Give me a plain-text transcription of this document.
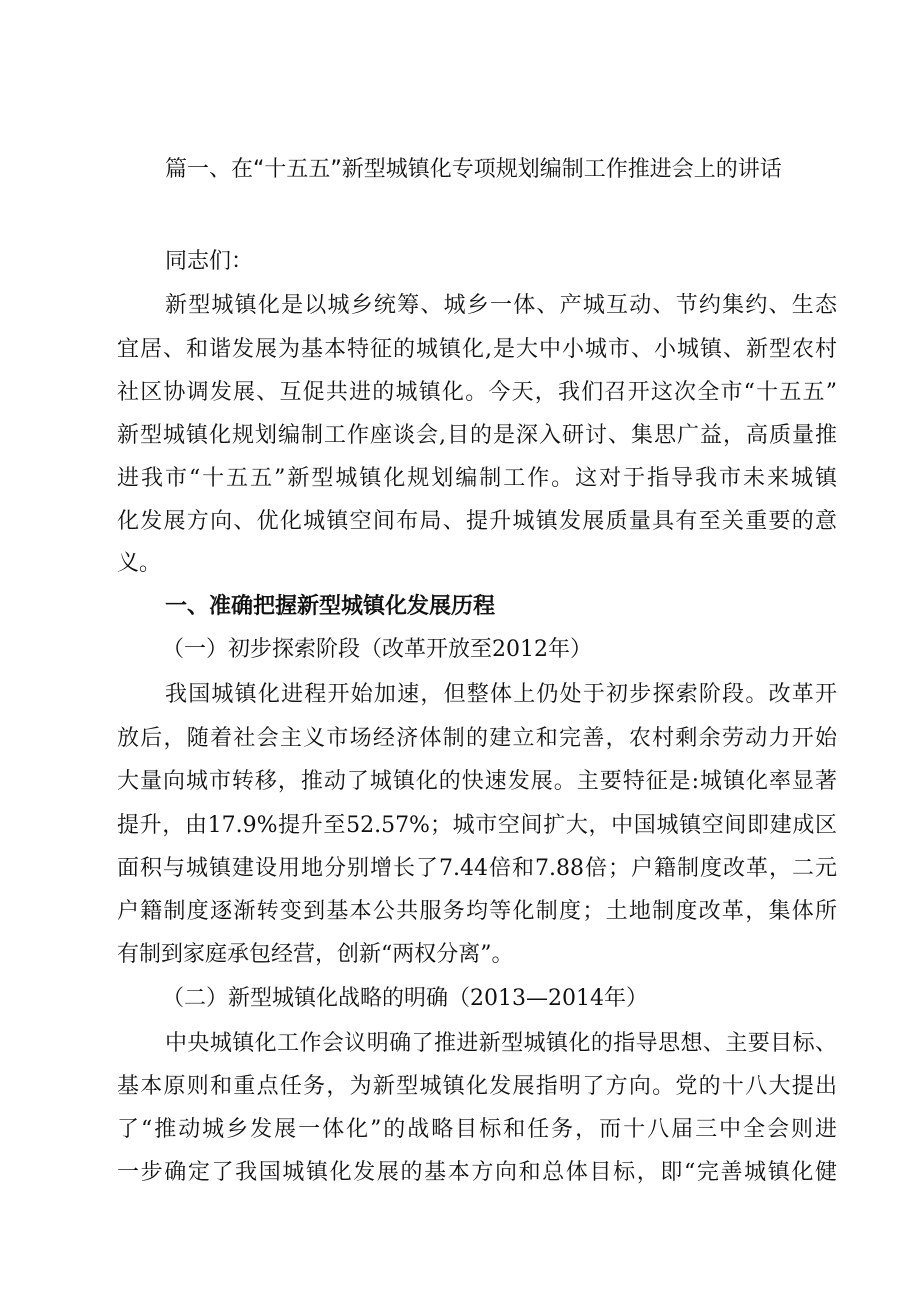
篇一、在“十五五”新型城镇化专项规划编制工作推进会上的讲话
同志们：
新型城镇化是以城乡统筹、城乡一体、产城互动、节约集约、生态
宜居、和谐发展为基本特征的城镇化,是大中小城市、小城镇、新型农村
社区协调发展、互促共进的城镇化。今天，我们召开这次全市“十五五”
新型城镇化规划编制工作座谈会,目的是深入研讨、集思广益，高质量推
进我市“十五五”新型城镇化规划编制工作。这对于指导我市未来城镇
化发展方向、优化城镇空间布局、提升城镇发展质量具有至关重要的意
义。
一、准确把握新型城镇化发展历程
（一）初步探索阶段（改革开放至2012年）
我国城镇化进程开始加速，但整体上仍处于初步探索阶段。改革开
放后，随着社会主义市场经济体制的建立和完善，农村剩余劳动力开始
大量向城市转移，推动了城镇化的快速发展。主要特征是:城镇化率显著
提升，由17.9%提升至52.57%；城市空间扩大，中国城镇空间即建成区
面积与城镇建设用地分别增长了7.44倍和7.88倍；户籍制度改革，二元
户籍制度逐渐转变到基本公共服务均等化制度；土地制度改革，集体所
有制到家庭承包经营，创新“两权分离”。
（二）新型城镇化战略的明确（2013—2014年）
中央城镇化工作会议明确了推进新型城镇化的指导思想、主要目标、
基本原则和重点任务，为新型城镇化发展指明了方向。党的十八大提出
了“推动城乡发展一体化”的战略目标和任务，而十八届三中全会则进
一步确定了我国城镇化发展的基本方向和总体目标，即“完善城镇化健
